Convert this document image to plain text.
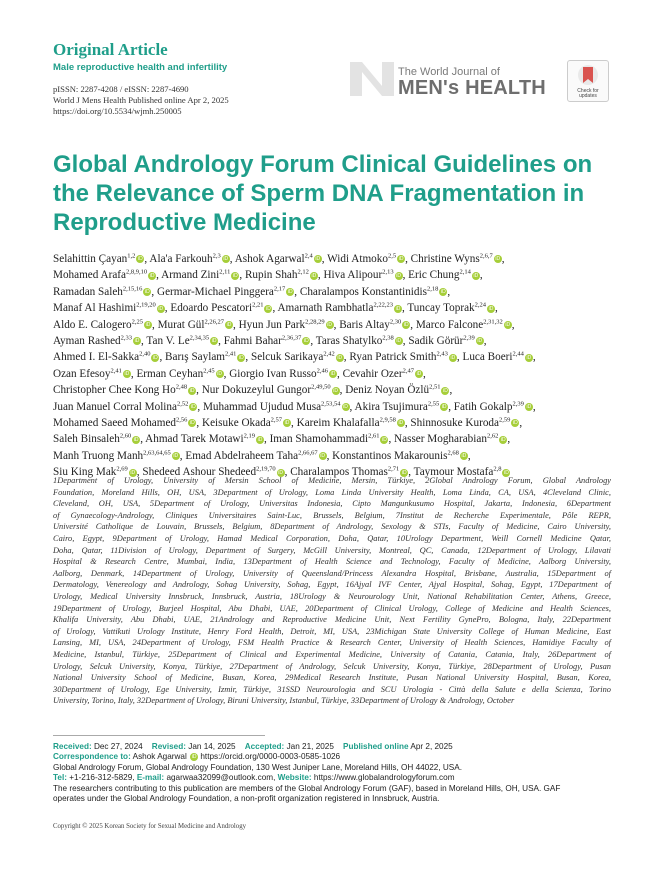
Original Article
Male reproductive health and infertility
pISSN: 2287-4208 / eISSN: 2287-4690
World J Mens Health Published online Apr 2, 2025
https://doi.org/10.5534/wjmh.250005
The World Journal of
MEN's HEALTH	Check for updates
Global Andrology Forum Clinical Guidelines on the Relevance of Sperm DNA Fragmentation in Reproductive Medicine
Selahittin Çayan$^{1,2}$iD , Ala'a Farkouh$^{2,3}$iD , Ashok Agarwal$^{2,4}$iD , Widi Atmoko$^{2,5}$iD , Christine Wyns$^{2,6,7}$iD ,
Mohamed Arafa$^{2,8,9,10}$iD , Armand Zini$^{2,11}$iD , Rupin Shah$^{2,12}$iD , Hiva Alipour$^{2,13}$iD , Eric Chung$^{2,14}$iD ,
Ramadan Saleh$^{2,15,16}$iD , Germar-Michael Pinggera$^{2,17}$iD , Charalampos Konstantinidis$^{2,18}$iD ,
Manaf Al Hashimi$^{2,19,20}$iD , Edoardo Pescatori$^{2,21}$iD , Amarnath Rambhatla$^{2,22,23}$iD , Tuncay Toprak$^{2,24}$iD ,
Aldo E. Calogero$^{2,25}$iD , Murat Gül$^{2,26,27}$iD , Hyun Jun Park$^{2,28,29}$iD , Baris Altay$^{2,30}$iD , Marco Falcone$^{2,31,32}$iD ,
Ayman Rashed$^{2,33}$iD , Tan V. Le$^{2,34,35}$iD , Fahmi Bahar$^{2,36,37}$iD , Taras Shatylko$^{2,38}$iD , Sadik Görür$^{2,39}$iD ,
Ahmed I. El-Sakka$^{2,40}$iD , Barış Saylam$^{2,41}$iD , Selcuk Sarikaya$^{2,42}$iD , Ryan Patrick Smith$^{2,43}$iD , Luca Boeri$^{2,44}$iD ,
Ozan Efesoy$^{2,41}$iD , Erman Ceyhan$^{2,45}$iD , Giorgio Ivan Russo$^{2,46}$iD , Cevahir Ozer$^{2,47}$iD ,
Christopher Chee Kong Ho$^{2,48}$iD , Nur Dokuzeylul Gungor$^{2,49,50}$iD , Deniz Noyan Özlü$^{2,51}$iD ,
Juan Manuel Corral Molina$^{2,52}$iD , Muhammad Ujudud Musa$^{2,53,54}$iD , Akira Tsujimura$^{2,55}$iD , Fatih Gokalp$^{2,39}$iD ,
Mohamed Saeed Mohamed$^{2,56}$iD , Keisuke Okada$^{2,57}$iD , Kareim Khalafalla$^{2,9,58}$iD , Shinnosuke Kuroda$^{2,59}$iD ,
Saleh Binsaleh$^{2,60}$iD , Ahmad Tarek Motawi$^{2,19}$iD , Iman Shamohammadi$^{2,61}$iD , Nasser Mogharabian$^{2,62}$iD ,
Manh Truong Manh$^{2,63,64,65}$iD , Emad Abdelraheem Taha$^{2,66,67}$iD , Konstantinos Makarounis$^{2,68}$iD ,
Siu King Mak$^{2,69}$iD , Shedeed Ashour Shedeed$^{2,19,70}$iD , Charalampos Thomas$^{2,71}$iD , Taymour Mostafa$^{2,8}$iD
1Department of Urology, University of Mersin School of Medicine, Mersin, Türkiye, 2Global Andrology Forum, Global Andrology
Foundation, Moreland Hills, OH, USA, 3Department of Urology, Loma Linda University Health, Loma Linda, CA, USA, 4Cleveland Clinic,
Cleveland, OH, USA, 5Department of Urology, Universitas Indonesia, Cipto Mangunkusumo Hospital, Jakarta, Indonesia, 6Department
of Gynaecology-Andrology, Cliniques Universitaires Saint-Luc, Brussels, Belgium, 7Institut de Recherche Experimentale, Pôle REPR,
Université Catholique de Louvain, Brussels, Belgium, 8Department of Andrology, Sexology & STIs, Faculty of Medicine, Cairo University,
Cairo, Egypt, 9Department of Urology, Hamad Medical Corporation, Doha, Qatar, 10Urology Department, Weill Cornell Medicine Qatar,
Doha, Qatar, 11Division of Urology, Department of Surgery, McGill University, Montreal, QC, Canada, 12Department of Urology, Lilavati
Hospital & Research Centre, Mumbai, India, 13Department of Health Science and Technology, Faculty of Medicine, Aalborg University,
Aalborg, Denmark, 14Department of Urology, University of Queensland/Princess Alexandra Hospital, Brisbane, Australia, 15Department of
Dermatology, Venereology and Andrology, Sohag University, Sohag, Egypt, 16Ajyal IVF Center, Ajyal Hospital, Sohag, Egypt, 17Department of
Urology, Medical University Innsbruck, Innsbruck, Austria, 18Urology & Neurourology Unit, National Rehabilitation Center, Athens, Greece,
19Department of Urology, Burjeel Hospital, Abu Dhabi, UAE, 20Department of Clinical Urology, College of Medicine and Health Sciences,
Khalifa University, Abu Dhabi, UAE, 21Andrology and Reproductive Medicine Unit, Next Fertility GynePro, Bologna, Italy, 22Department
of Urology, Vattikuti Urology Institute, Henry Ford Health, Detroit, MI, USA, 23Michigan State University College of Human Medicine, East
Lansing, MI, USA, 24Department of Urology, FSM Health Practice & Research Center, University of Health Sciences, Hamidiye Faculty of
Medicine, Istanbul, Türkiye, 25Department of Clinical and Experimental Medicine, University of Catania, Catania, Italy, 26Department of
Urology, Selcuk University, Konya, Türkiye, 27Department of Andrology, Selcuk University, Konya, Türkiye, 28Department of Urology, Pusan
National University School of Medicine, Busan, Korea, 29Medical Research Institute, Pusan National University Hospital, Busan, Korea,
30Department of Urology, Ege University, Izmir, Türkiye, 31SSD Neurourologia and SCU Urologia - Città della Salute e della Scienza, Torino
University, Torino, Italy, 32Department of Urology, Biruni University, Istanbul, Türkiye, 33Department of Urology & Andrology, October
Received: Dec 27, 2024 Revised: Jan 14, 2025 Accepted: Jan 21, 2025 Published online Apr 2, 2025
Correspondence to: Ashok Agarwal iD https://orcid.org/0000-0003-0585-1026
Global Andrology Forum, Global Andrology Foundation, 130 West Juniper Lane, Moreland Hills, OH 44022, USA.
Tel: +1-216-312-5829, E-mail: agarwaa32099@outlook.com, Website: https://www.globalandrologyforum.com
The researchers contributing to this publication are members of the Global Andrology Forum (GAF), based in Moreland Hills, OH, USA. GAF
operates under the Global Andrology Foundation, a non-profit organization registered in Innsbruck, Austria.
Copyright © 2025 Korean Society for Sexual Medicine and Andrology
